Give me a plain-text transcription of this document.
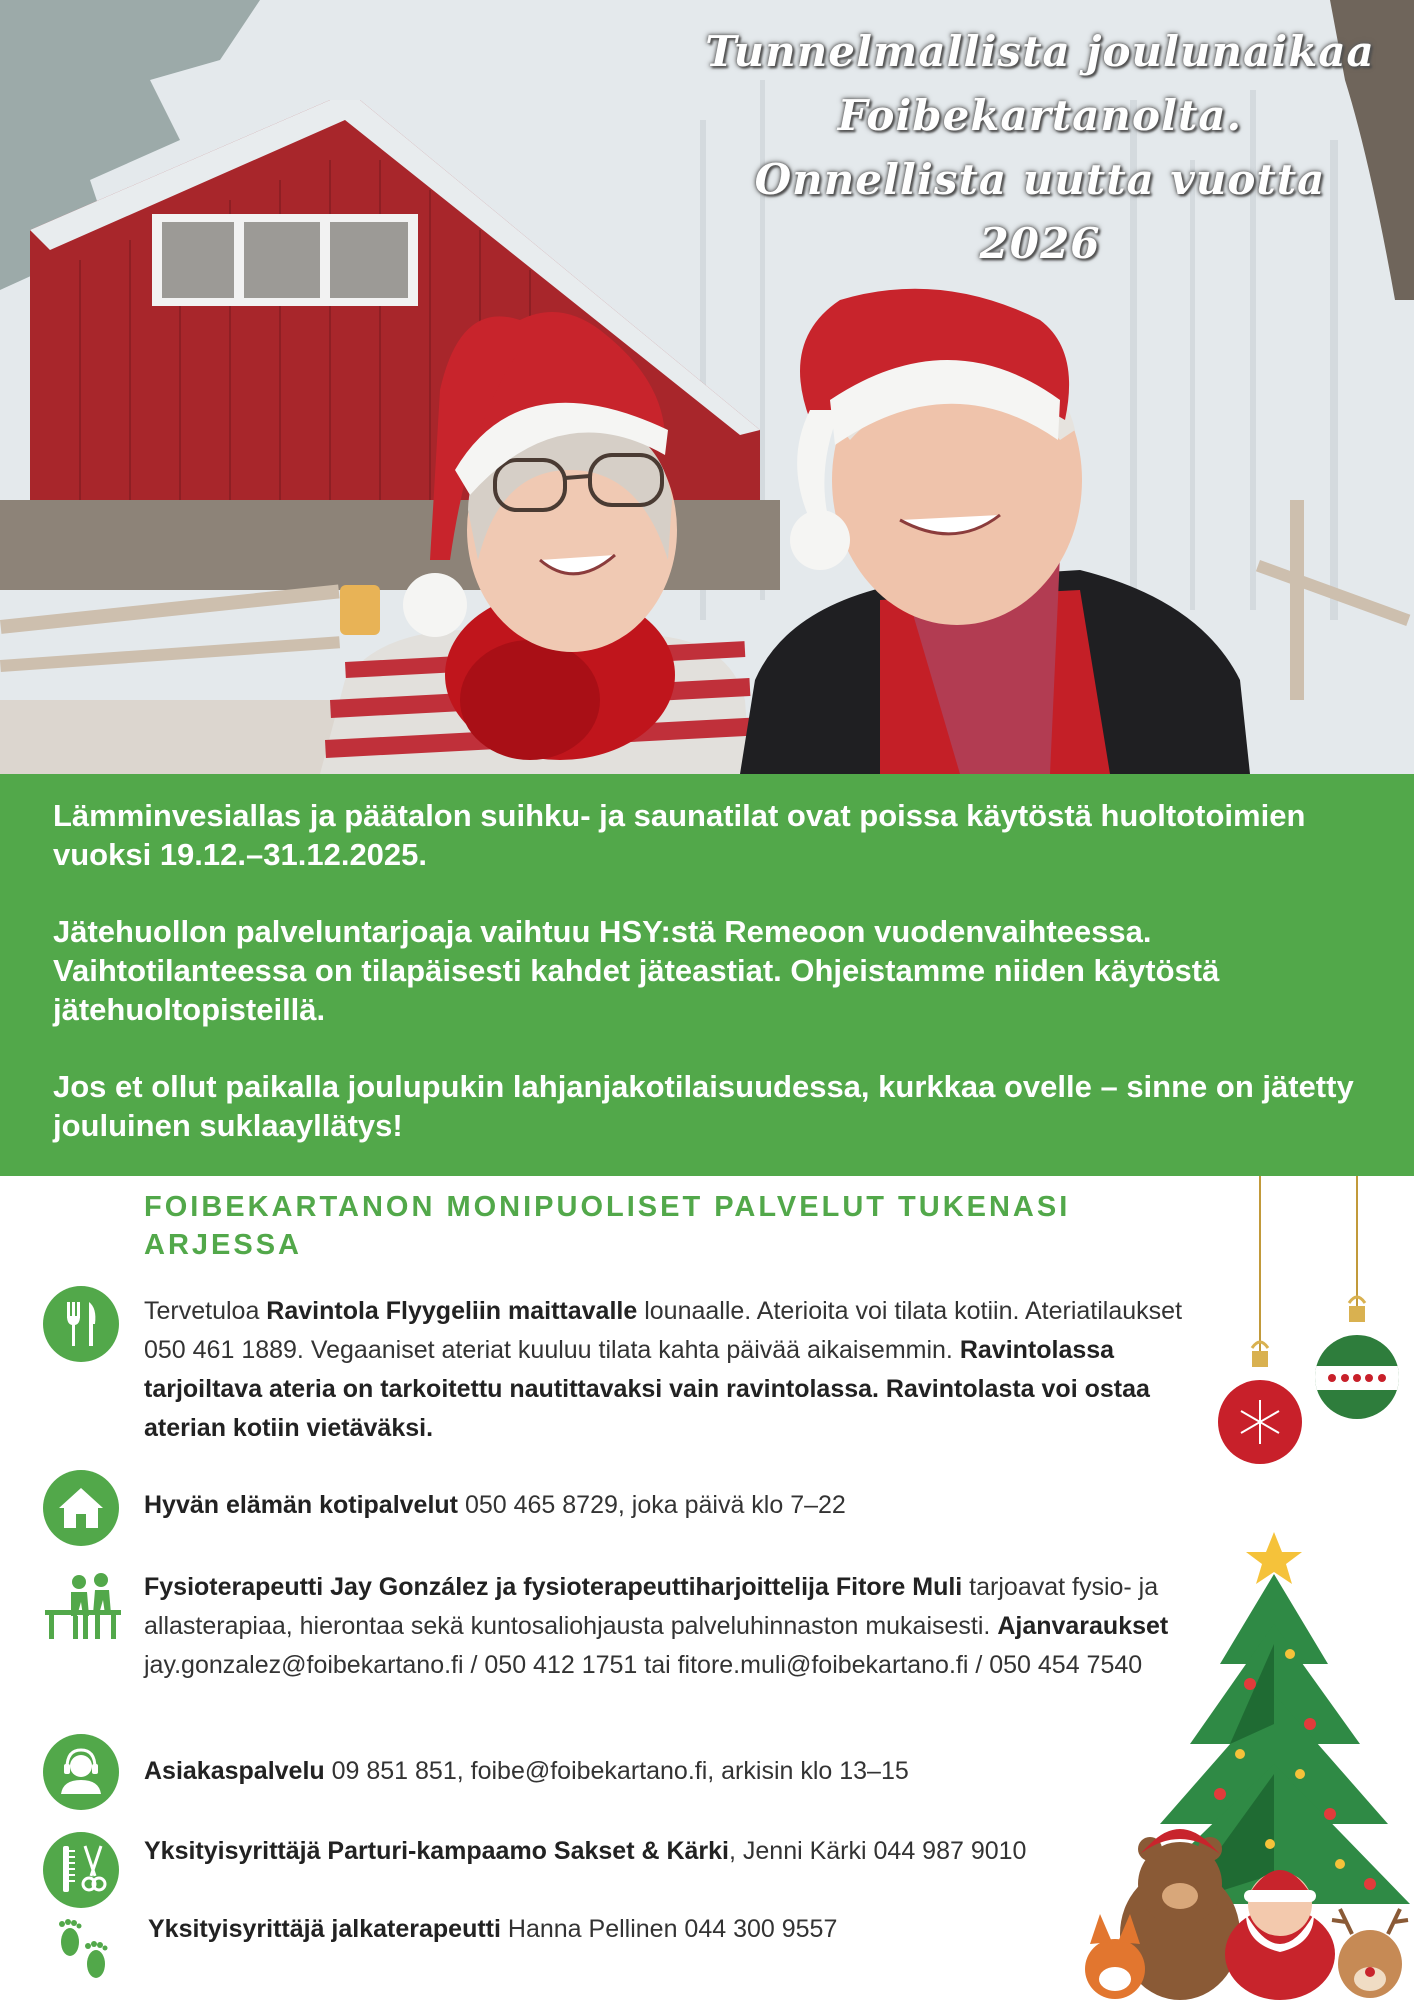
Tunnelmallista joulunaikaa
Foibekartanolta.
Onnellista uutta vuotta
2026

Lämminvesiallas ja päätalon suihku- ja saunatilat ovat poissa käytöstä huoltotoimien vuoksi 19.12.–31.12.2025.

Jätehuollon palveluntarjoaja vaihtuu HSY:stä Remeoon vuodenvaihteessa. Vaihtotilanteessa on tilapäisesti kahdet jäteastiat. Ohjeistamme niiden käytöstä jätehuoltopisteillä.

Jos et ollut paikalla joulupukin lahjanjakotilaisuudessa, kurkkaa ovelle – sinne on jätetty jouluinen suklaayllätys!

FOIBEKARTANON MONIPUOLISET PALVELUT TUKENASI ARJESSA
Tervetuloa Ravintola Flyygeliin maittavalle lounaalle. Aterioita voi tilata kotiin. Ateriatilaukset 050 461 1889. Vegaaniset ateriat kuuluu tilata kahta päivää aikaisemmin. Ravintolassa tarjoiltava ateria on tarkoitettu nautittavaksi vain ravintolassa. Ravintolasta voi ostaa aterian kotiin vietäväksi.
Hyvän elämän kotipalvelut 050 465 8729, joka päivä klo 7–22
Fysioterapeutti Jay González ja fysioterapeuttiharjoittelija Fitore Muli tarjoavat fysio- ja allasterapiaa, hierontaa sekä kuntosaliohjausta palveluhinnaston mukaisesti. Ajanvaraukset jay.gonzalez@foibekartano.fi / 050 412 1751 tai fitore.muli@foibekartano.fi / 050 454 7540
Asiakaspalvelu 09 851 851, foibe@foibekartano.fi, arkisin klo 13–15
Yksityisyrittäjä Parturi-kampaamo Sakset & Kärki, Jenni Kärki 044 987 9010
Yksityisyrittäjä jalkaterapeutti Hanna Pellinen 044 300 9557
